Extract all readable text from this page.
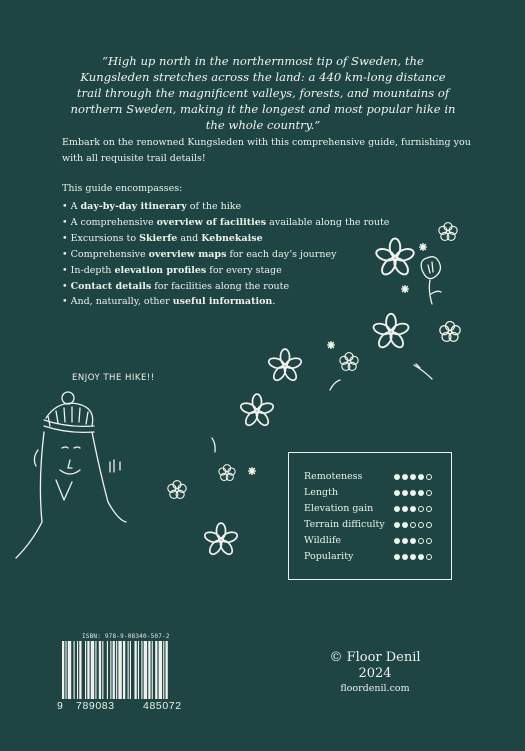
“High up north in the northernmost tip of Sweden, the Kungsleden stretches across the land: a 440 km-long distance trail through the magnificent valleys, forests, and mountains of northern Sweden, making it the longest and most popular hike in the whole country.”

Embark on the renowned Kungsleden with this comprehensive guide, furnishing you with all requisite trail details!

This guide encompasses:
• A day-by-day itinerary of the hike
• A comprehensive overview of facilities available along the route
• Excursions to Skierfe and Kebnekaise
• Comprehensive overview maps for each day’s journey
• In-depth elevation profiles for every stage
• Contact details for facilities along the route
• And, naturally, other useful information.
ENJOY THE HIKE!!
Remoteness
Length
Elevation gain
Terrain difficulty
Wildlife
Popularity
ISBN: 978-9-08340-507-2
9 789083	485072
© Floor Denil
2024
floordenil.com
